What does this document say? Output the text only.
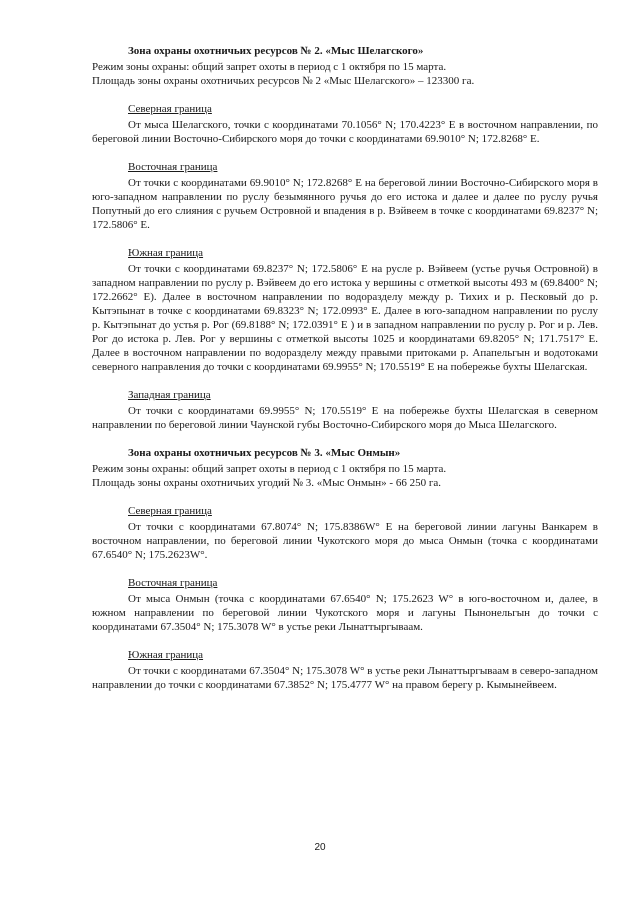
Зона охраны охотничьих ресурсов № 2. «Мыс Шелагского»

Режим зоны охраны: общий запрет охоты в период с 1 октября по 15 марта.

Площадь зоны охраны охотничьих ресурсов № 2 «Мыс Шелагского» – 123300 га.

Северная граница

От мыса Шелагского, точки с координатами 70.1056° N; 170.4223° E в восточном направлении, по береговой линии Восточно-Сибирского моря до точки с координатами 69.9010° N; 172.8268° E.

Восточная граница

От точки с координатами 69.9010° N; 172.8268° E на береговой линии Восточно-Сибирского моря в юго-западном направлении по руслу безымянного ручья до его истока и далее и далее по руслу ручья Попутный до его слияния с ручьем Островной и впадения в р. Вэйвеем в точке с координатами 69.8237° N; 172.5806° E.

Южная граница

От точки с координатами 69.8237° N; 172.5806° E на русле р. Вэйвеем (устье ручья Островной) в западном направлении по руслу р. Вэйвеем до его истока у вершины с отметкой высоты 493 м (69.8400° N; 172.2662° E). Далее в восточном направлении по водоразделу между р. Тихих и р. Песковый до р. Кытэпынат в точке с координатами 69.8323° N; 172.0993° E. Далее в юго-западном направлении по руслу р. Кытэпынат до устья р. Рог (69.8188° N; 172.0391° E ) и в западном направлении по руслу р. Рог и р. Лев. Рог до истока р. Лев. Рог у вершины с отметкой высоты 1025 и координатами 69.8205° N; 171.7517° E. Далее в восточном направлении по водоразделу между правыми притоками р. Апапельгын и водотоками северного направления до точки с координатами 69.9955° N; 170.5519° E на побережье бухты Шелагская.

Западная граница

От точки с координатами 69.9955° N; 170.5519° E на побережье бухты Шелагская в северном направлении по береговой линии Чаунской губы Восточно-Сибирского моря до Мыса Шелагского.

Зона охраны охотничьих ресурсов № 3. «Мыс Онмын»

Режим зоны охраны: общий запрет охоты в период с 1 октября по 15 марта.

Площадь зоны охраны охотничьих угодий № 3. «Мыс Онмын» - 66 250 га.

Северная граница

От точки с координатами 67.8074° N; 175.8386W° E на береговой линии лагуны Ванкарем в восточном направлении, по береговой линии Чукотского моря до мыса Онмын (точка с координатами 67.6540° N; 175.2623W°.

Восточная граница

От мыса Онмын (точка с координатами 67.6540° N; 175.2623 W° в юго-восточном и, далее, в южном направлении по береговой линии Чукотского моря и лагуны Пынонельгын до точки с координатами 67.3504° N; 175.3078 W° в устье реки Лынаттыргываам.

Южная граница

От точки с координатами 67.3504° N; 175.3078 W° в устье реки Лынаттыргываам в северо-западном направлении до точки с координатами 67.3852° N; 175.4777 W° на правом берегу р. Кымынейвеем.

20
